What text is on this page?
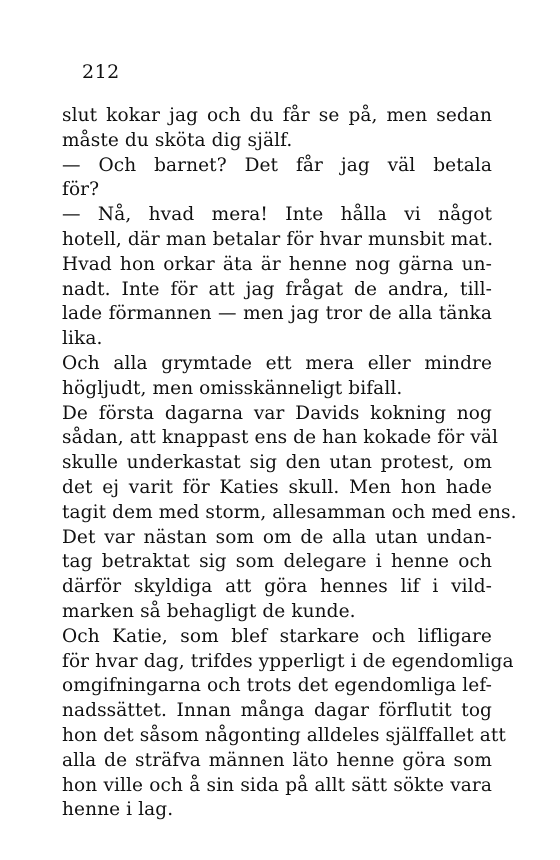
212
slut kokar jag och du får se på, men sedan
måste du sköta dig själf.
— Och barnet? Det får jag väl betala
för?
— Nå, hvad mera! Inte hålla vi något
hotell, där man betalar för hvar munsbit mat.
Hvad hon orkar äta är henne nog gärna un-
nadt. Inte för att jag frågat de andra, till-
lade förmannen — men jag tror de alla tänka
lika.
Och alla grymtade ett mera eller mindre
högljudt, men omisskänneligt bifall.
De första dagarna var Davids kokning nog
sådan, att knappast ens de han kokade för väl
skulle underkastat sig den utan protest, om
det ej varit för Katies skull. Men hon hade
tagit dem med storm, allesamman och med ens.
Det var nästan som om de alla utan undan-
tag betraktat sig som delegare i henne och
därför skyldiga att göra hennes lif i vild-
marken så behagligt de kunde.
Och Katie, som blef starkare och lifligare
för hvar dag, trifdes ypperligt i de egendomliga
omgifningarna och trots det egendomliga lef-
nadssättet. Innan många dagar förflutit tog
hon det såsom någonting alldeles själffallet att
alla de sträfva männen läto henne göra som
hon ville och å sin sida på allt sätt sökte vara
henne i lag.
